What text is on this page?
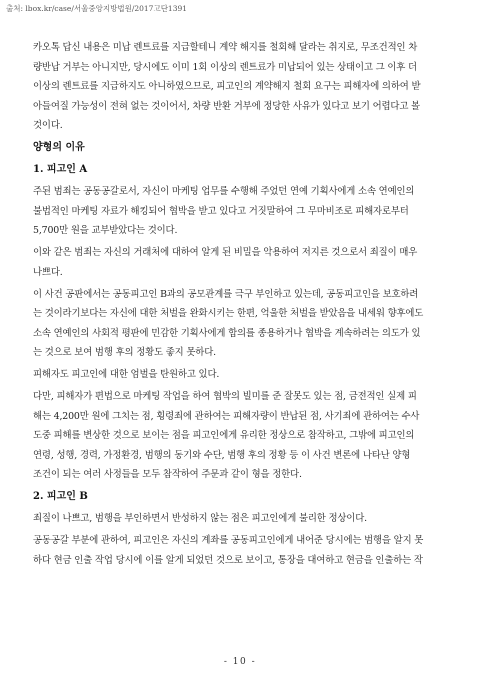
출처: lbox.kr/case/서울중앙지방법원/2017고단1391
카오톡 답신 내용은 미납 렌트료를 지급할테니 계약 해지를 철회해 달라는 취지로, 무조건적인 차
량반납 거부는 아니지만, 당시에도 이미 1회 이상의 렌트료가 미납되어 있는 상태이고 그 이후 더
이상의 렌트료를 지급하지도 아니하였으므로, 피고인의 계약해지 철회 요구는 피해자에 의하여 받
아들여질 가능성이 전혀 없는 것이어서, 차량 반환 거부에 정당한 사유가 있다고 보기 어렵다고 볼
것이다.
양형의 이유
1. 피고인 A
주된 범죄는 공동공갈로서, 자신이 마케팅 업무를 수행해 주었던 연예 기획사에게 소속 연예인의
불법적인 마케팅 자료가 해킹되어 협박을 받고 있다고 거짓말하여 그 무마비조로 피해자로부터
5,700만 원을 교부받았다는 것이다.
이와 같은 범죄는 자신의 거래처에 대하여 알게 된 비밀을 악용하여 저지른 것으로서 죄질이 매우
나쁘다.
이 사건 공판에서는 공동피고인 B과의 공모관계를 극구 부인하고 있는데, 공동피고인을 보호하려
는 것이라기보다는 자신에 대한 처벌을 완화시키는 한편, 억울한 처벌을 받았음을 내세워 향후에도
소속 연예인의 사회적 평판에 민감한 기획사에게 합의를 종용하거나 협박을 계속하려는 의도가 있
는 것으로 보여 범행 후의 정황도 좋지 못하다.
피해자도 피고인에 대한 엄벌을 탄원하고 있다.
다만, 피해자가 편법으로 마케팅 작업을 하여 협박의 빌미를 준 잘못도 있는 점, 금전적인 실제 피
해는 4,200만 원에 그치는 점, 횡령죄에 관하여는 피해자량이 반납된 점, 사기죄에 관하여는 수사
도중 피해를 변상한 것으로 보이는 점을 피고인에게 유리한 정상으로 참작하고, 그밖에 피고인의
연령, 성행, 경력, 가정환경, 범행의 동기와 수단, 범행 후의 정황 등 이 사건 변론에 나타난 양형
조건이 되는 여러 사정들을 모두 참작하여 주문과 같이 형을 정한다.
2. 피고인 B
죄질이 나쁘고, 범행을 부인하면서 반성하지 않는 점은 피고인에게 불리한 정상이다.
공동공갈 부분에 관하여, 피고인은 자신의 계좌를 공동피고인에게 내어준 당시에는 범행을 알지 못
하다 현금 인출 작업 당시에 이를 알게 되었던 것으로 보이고, 통장을 대여하고 현금을 인출하는 작
- 10 -
